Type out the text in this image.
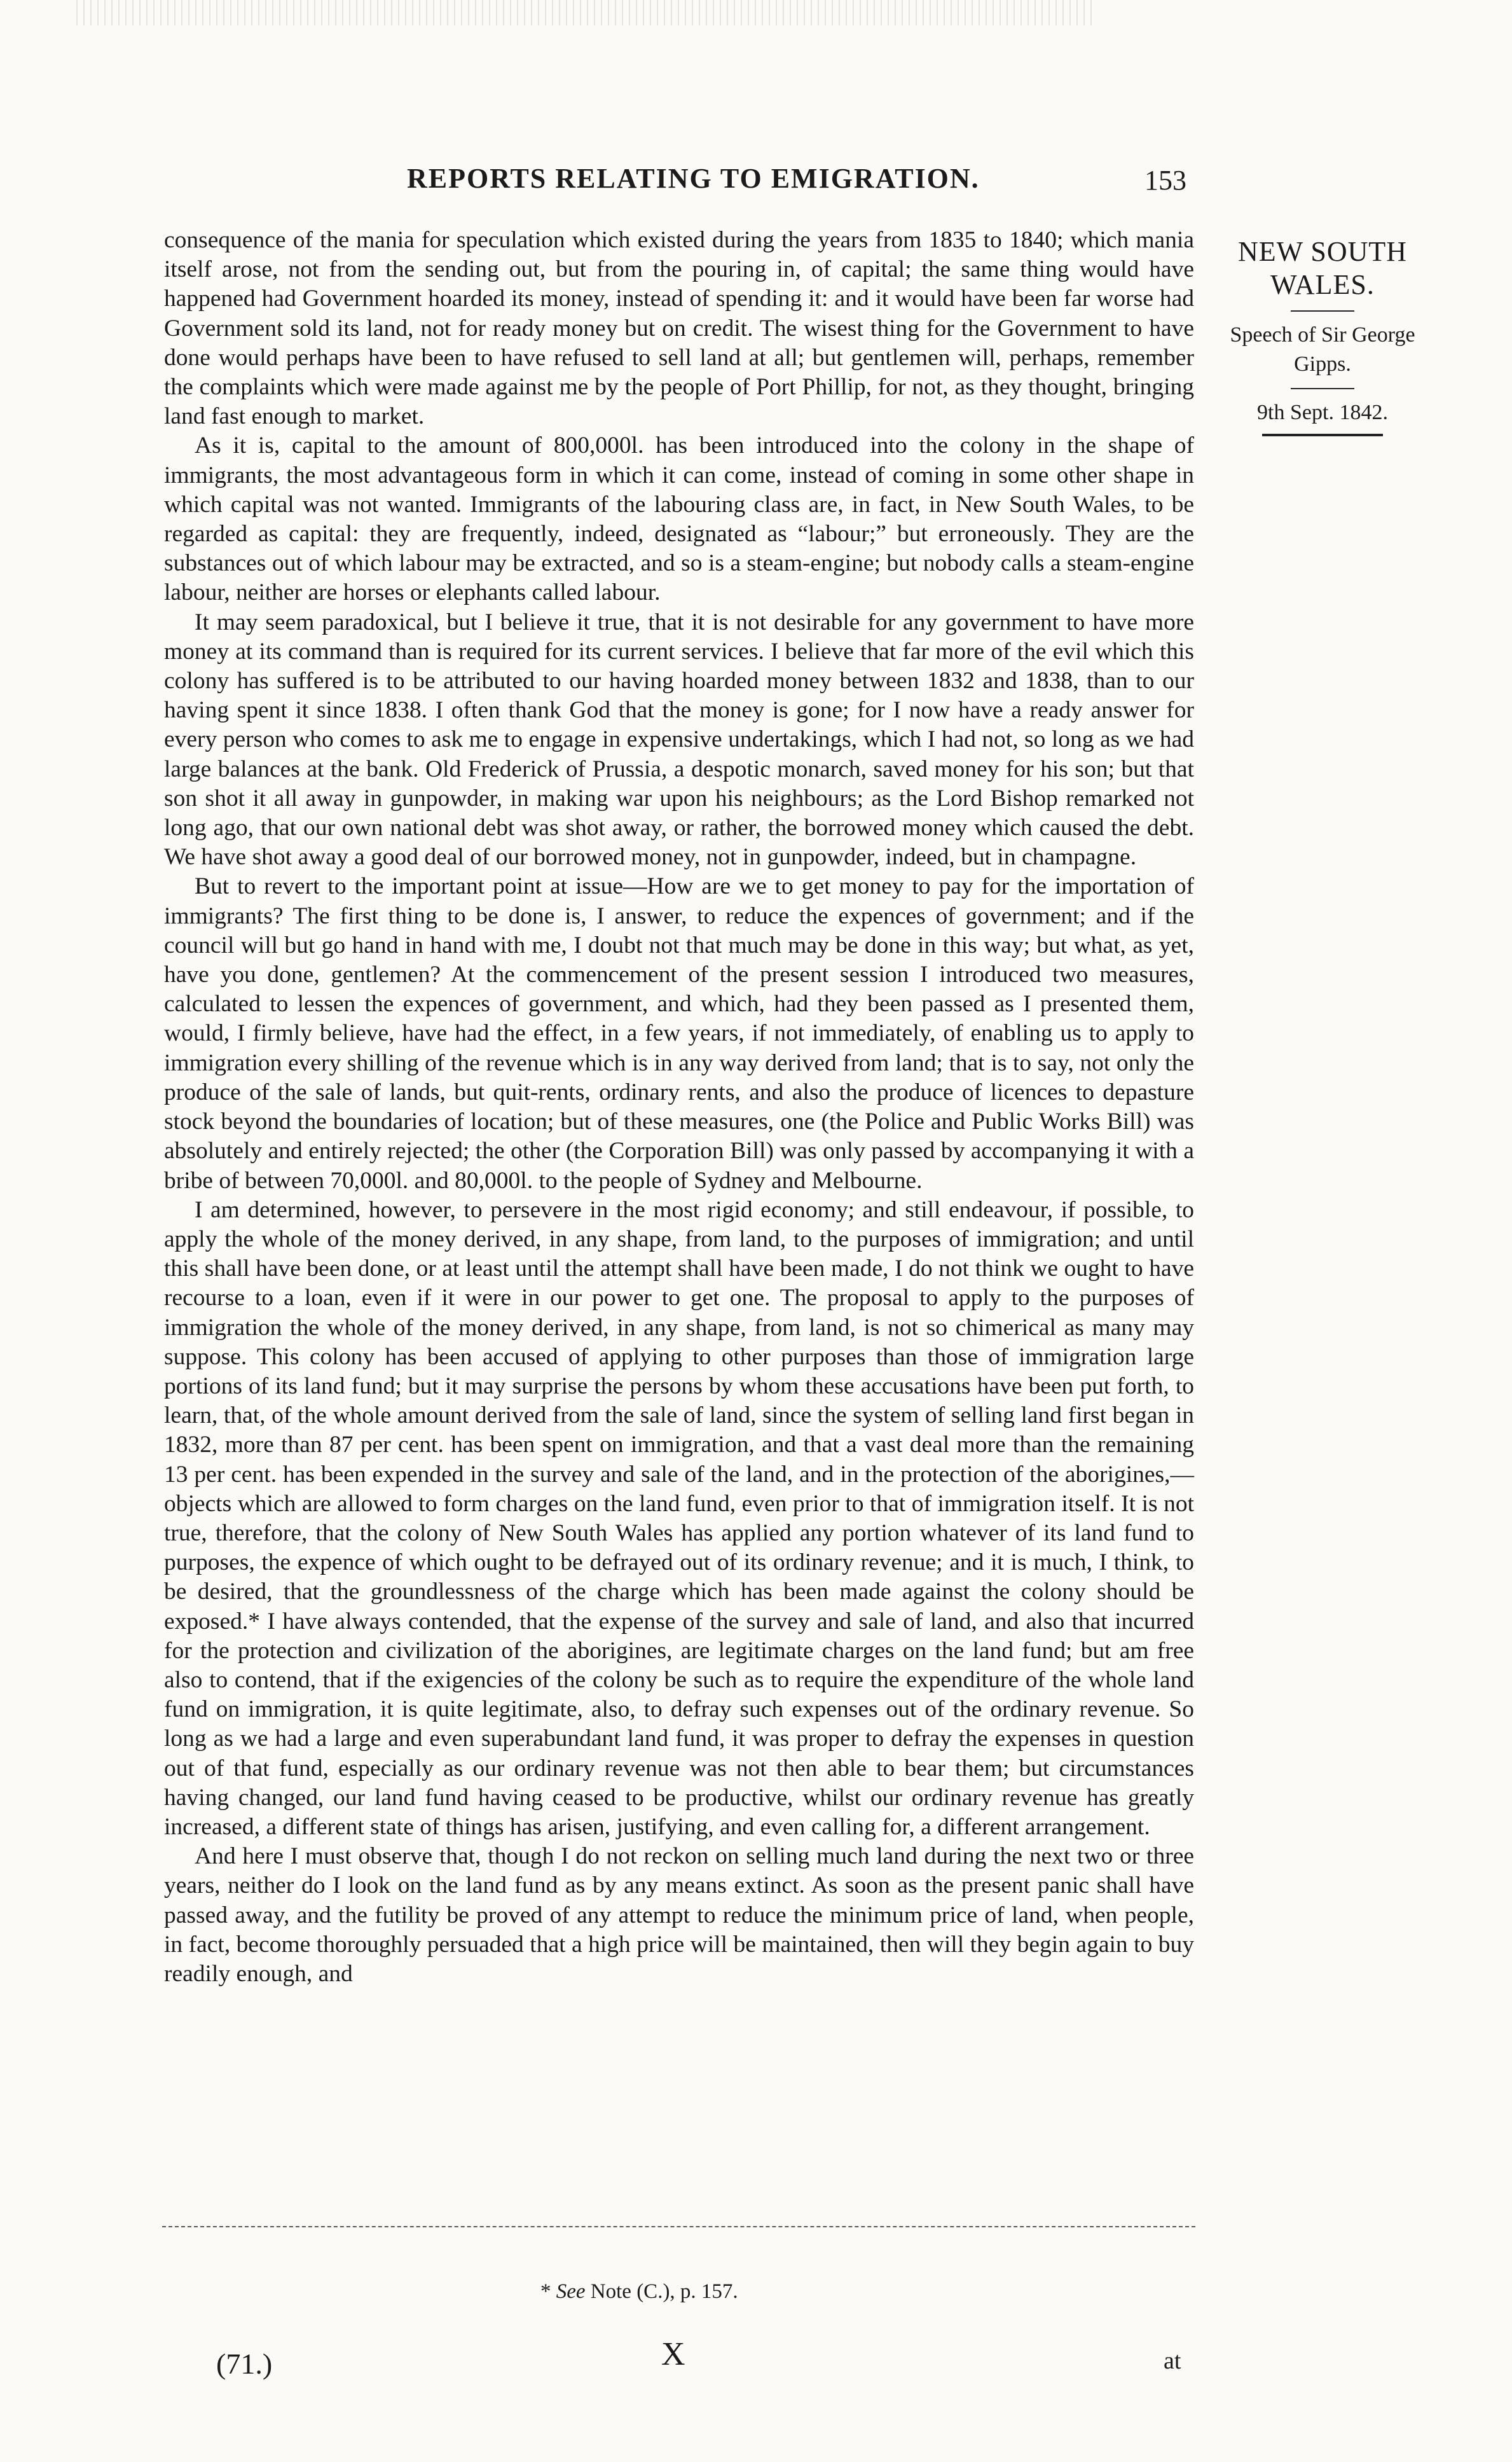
REPORTS RELATING TO EMIGRATION.	153
NEW SOUTH WALES.
Speech of Sir George Gipps.
9th Sept. 1842.

consequence of the mania for speculation which existed during the years from 1835 to 1840; which mania itself arose, not from the sending out, but from the pouring in, of capital; the same thing would have happened had Government hoarded its money, instead of spending it: and it would have been far worse had Government sold its land, not for ready money but on credit. The wisest thing for the Government to have done would perhaps have been to have refused to sell land at all; but gentlemen will, perhaps, remember the complaints which were made against me by the people of Port Phillip, for not, as they thought, bringing land fast enough to market.

As it is, capital to the amount of 800,000l. has been introduced into the colony in the shape of immigrants, the most advantageous form in which it can come, instead of coming in some other shape in which capital was not wanted. Immigrants of the labouring class are, in fact, in New South Wales, to be regarded as capital: they are frequently, indeed, designated as “labour;” but erroneously. They are the substances out of which labour may be extracted, and so is a steam-engine; but nobody calls a steam-engine labour, neither are horses or elephants called labour.

It may seem paradoxical, but I believe it true, that it is not desirable for any government to have more money at its command than is required for its current services. I believe that far more of the evil which this colony has suffered is to be attributed to our having hoarded money between 1832 and 1838, than to our having spent it since 1838. I often thank God that the money is gone; for I now have a ready answer for every person who comes to ask me to engage in expensive undertakings, which I had not, so long as we had large balances at the bank. Old Frederick of Prussia, a despotic monarch, saved money for his son; but that son shot it all away in gunpowder, in making war upon his neighbours; as the Lord Bishop remarked not long ago, that our own national debt was shot away, or rather, the borrowed money which caused the debt. We have shot away a good deal of our borrowed money, not in gunpowder, indeed, but in champagne.

But to revert to the important point at issue—How are we to get money to pay for the importation of immigrants? The first thing to be done is, I answer, to reduce the expences of government; and if the council will but go hand in hand with me, I doubt not that much may be done in this way; but what, as yet, have you done, gentlemen? At the commencement of the present session I introduced two measures, calculated to lessen the expences of government, and which, had they been passed as I presented them, would, I firmly believe, have had the effect, in a few years, if not immediately, of enabling us to apply to immigration every shilling of the revenue which is in any way derived from land; that is to say, not only the produce of the sale of lands, but quit-rents, ordinary rents, and also the produce of licences to depasture stock beyond the boundaries of location; but of these measures, one (the Police and Public Works Bill) was absolutely and entirely rejected; the other (the Corporation Bill) was only passed by accompanying it with a bribe of between 70,000l. and 80,000l. to the people of Sydney and Melbourne.

I am determined, however, to persevere in the most rigid economy; and still endeavour, if possible, to apply the whole of the money derived, in any shape, from land, to the purposes of immigration; and until this shall have been done, or at least until the attempt shall have been made, I do not think we ought to have recourse to a loan, even if it were in our power to get one. The proposal to apply to the purposes of immigration the whole of the money derived, in any shape, from land, is not so chimerical as many may suppose. This colony has been accused of applying to other purposes than those of immigration large portions of its land fund; but it may surprise the persons by whom these accusations have been put forth, to learn, that, of the whole amount derived from the sale of land, since the system of selling land first began in 1832, more than 87 per cent. has been spent on immigration, and that a vast deal more than the remaining 13 per cent. has been expended in the survey and sale of the land, and in the protection of the aborigines,—objects which are allowed to form charges on the land fund, even prior to that of immigration itself. It is not true, therefore, that the colony of New South Wales has applied any portion whatever of its land fund to purposes, the expence of which ought to be defrayed out of its ordinary revenue; and it is much, I think, to be desired, that the groundlessness of the charge which has been made against the colony should be exposed.* I have always contended, that the expense of the survey and sale of land, and also that incurred for the protection and civilization of the aborigines, are legitimate charges on the land fund; but am free also to contend, that if the exigencies of the colony be such as to require the expenditure of the whole land fund on immigration, it is quite legitimate, also, to defray such expenses out of the ordinary revenue. So long as we had a large and even superabundant land fund, it was proper to defray the expenses in question out of that fund, especially as our ordinary revenue was not then able to bear them; but circumstances having changed, our land fund having ceased to be productive, whilst our ordinary revenue has greatly increased, a different state of things has arisen, justifying, and even calling for, a different arrangement.

And here I must observe that, though I do not reckon on selling much land during the next two or three years, neither do I look on the land fund as by any means extinct. As soon as the present panic shall have passed away, and the futility be proved of any attempt to reduce the minimum price of land, when people, in fact, become thoroughly persuaded that a high price will be maintained, then will they begin again to buy readily enough, and

* See Note (C.), p. 157.
(71.)	X	at
